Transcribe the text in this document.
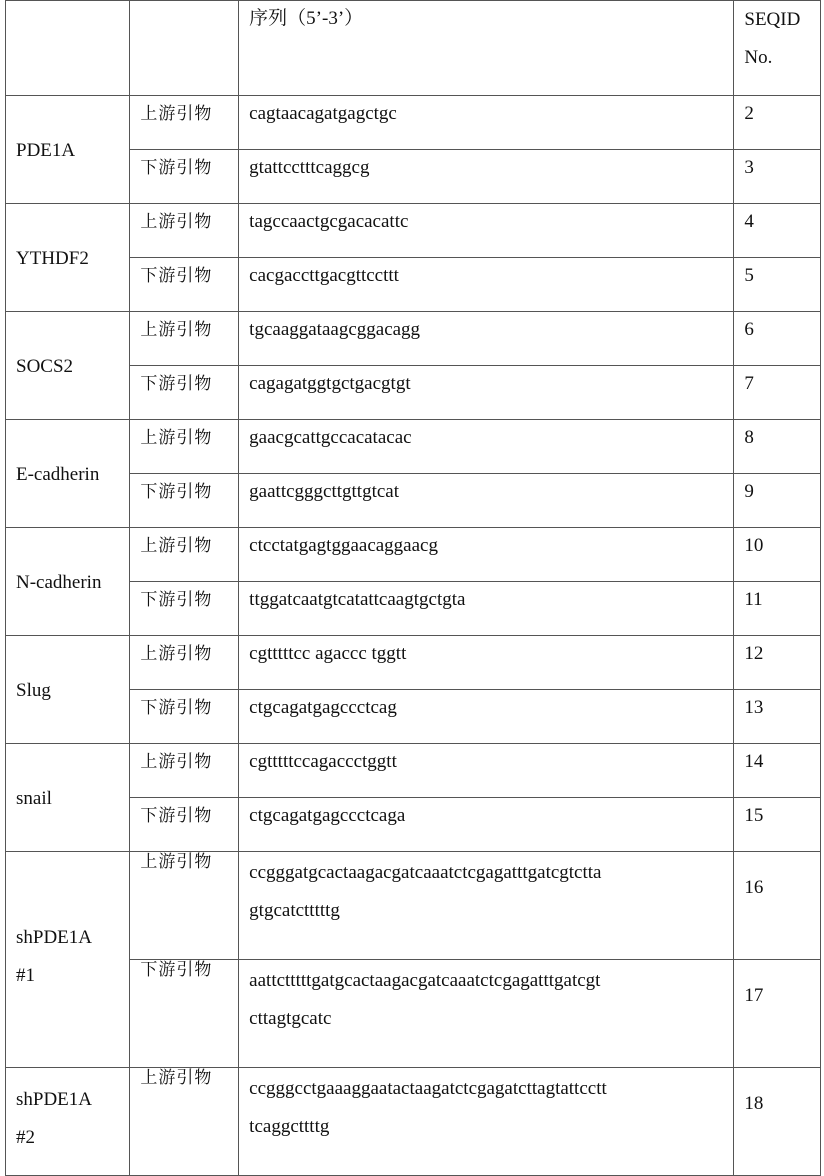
		序列（5’-3’）	SEQID
No.
PDE1A	上游引物	cagtaacagatgagctgc	2
下游引物	gtattcctttcaggcg	3
YTHDF2	上游引物	tagccaactgcgacacattc	4
下游引物	cacgaccttgacgttccttt	5
SOCS2	上游引物	tgcaaggataagcggacagg	6
下游引物	cagagatggtgctgacgtgt	7
E-cadherin	上游引物	gaacgcattgccacatacac	8
下游引物	gaattcgggcttgttgtcat	9
N-cadherin	上游引物	ctcctatgagtggaacaggaacg	10
下游引物	ttggatcaatgtcatattcaagtgctgta	11
Slug	上游引物	cgtttttcc agaccc tggtt	12
下游引物	ctgcagatgagccctcag	13
snail	上游引物	cgtttttccagaccctggtt	14
下游引物	ctgcagatgagccctcaga	15
shPDE1A
#1	上游引物	ccgggatgcactaagacgatcaaatctcgagatttgatcgtctta
gtgcatctttttg	16
下游引物	aattctttttgatgcactaagacgatcaaatctcgagatttgatcgt
cttagtgcatc	17
shPDE1A
#2	上游引物	ccgggcctgaaaggaatactaagatctcgagatcttagtattcctt
tcaggcttttg	18
